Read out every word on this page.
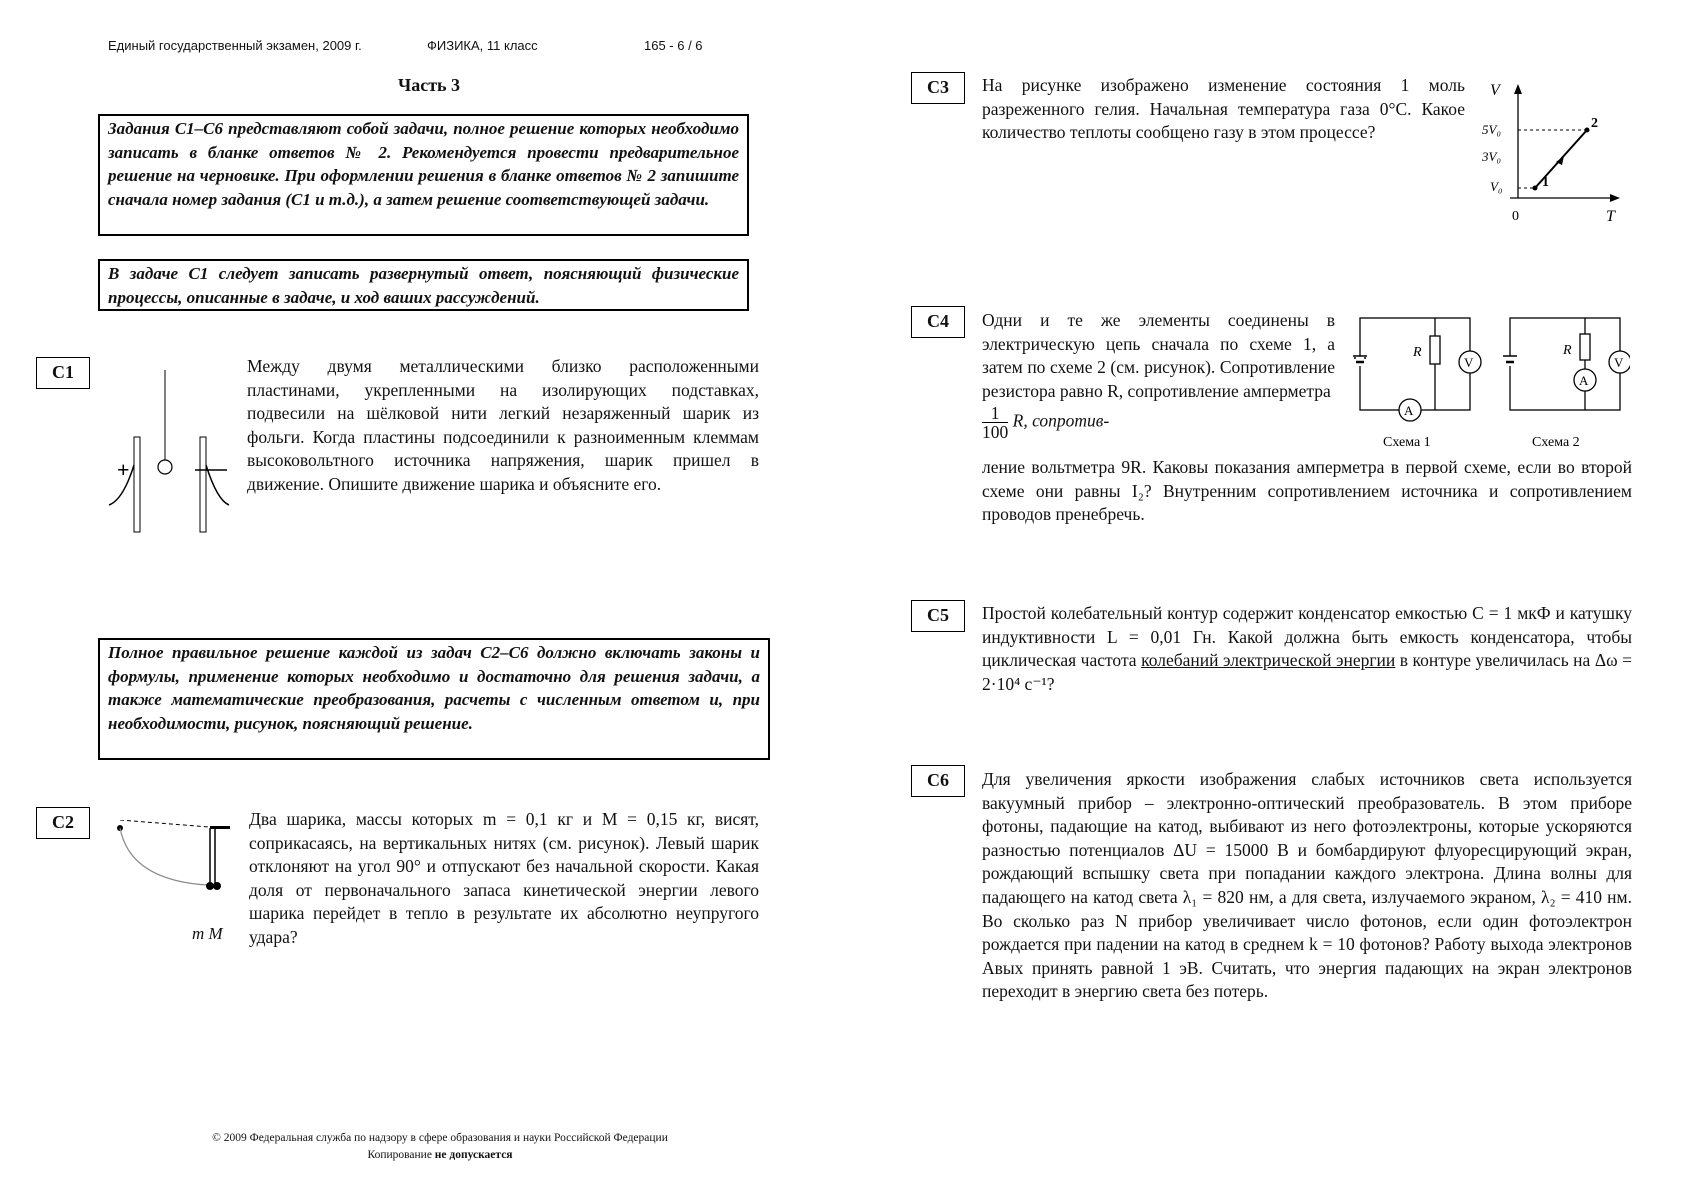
Единый государственный экзамен, 2009 г.	ФИЗИКА, 11 класс	165 - 6 / 6
Часть 3
Задания С1–С6 представляют собой задачи, полное решение которых необходимо записать в бланке ответов № 2. Рекомендуется провести предварительное решение на черновике. При оформлении решения в бланке ответов № 2 запишите сначала номер задания (С1 и т.д.), а затем решение соответствующей задачи.
В задаче С1 следует записать развернутый ответ, поясняющий физические процессы, описанные в задаче, и ход ваших рассуждений.
Полное правильное решение каждой из задач С2–С6 должно включать законы и формулы, применение которых необходимо и достаточно для решения задачи, а также математические преобразования, расчеты с численным ответом и, при необходимости, рисунок, поясняющий решение.
С1
+
Между двумя металлическими близко расположенными пластинами, укрепленными на изолирующих подставках, подвесили на шёлковой нити легкий незаряженный шарик из фольги. Когда пластины подсоединили к разноименным клеммам высоковольтного источника напряжения, шарик пришел в движение. Опишите движение шарика и объясните его.
С2
m M
Два шарика, массы которых m = 0,1 кг и M = 0,15 кг, висят, соприкасаясь, на вертикальных нитях (см. рисунок). Левый шарик отклоняют на угол 90° и отпускают без начальной скорости. Какая доля от первоначального запаса кинетической энергии левого шарика перейдет в тепло в результате их абсолютно неупругого удара?
С3	На рисунке изображено изменение состояния 1 моль разреженного гелия. Начальная температура газа 0°С. Какое количество теплоты сообщено газу в этом процессе?
V
T
0
5V₀
3V₀
V₀	1
2
С4	Одни и те же элементы соединены в электрическую цепь сначала по схеме 1, а затем по схеме 2 (см. рисунок). Сопротивление резистора равно R, сопротивление амперметра
$\frac{1}{100} R$, сопротив-
ление вольтметра 9R. Каковы показания амперметра в первой схеме, если во второй схеме они равны I₂? Внутренним сопротивлением источника и сопротивлением проводов пренебречь.
R
V
A
R
A
V
Схема 1	Схема 2
С5	Простой колебательный контур содержит конденсатор емкостью C = 1 мкФ и катушку индуктивности L = 0,01 Гн. Какой должна быть емкость конденсатора, чтобы циклическая частота колебаний электрической энергии в контуре увеличилась на Δω = 2·10⁴ с⁻¹?
С6	Для увеличения яркости изображения слабых источников света используется вакуумный прибор – электронно-оптический преобразователь. В этом приборе фотоны, падающие на катод, выбивают из него фотоэлектроны, которые ускоряются разностью потенциалов ΔU = 15000 В и бомбардируют флуоресцирующий экран, рождающий вспышку света при попадании каждого электрона. Длина волны для падающего на катод света λ₁ = 820 нм, а для света, излучаемого экраном, λ₂ = 410 нм. Во сколько раз N прибор увеличивает число фотонов, если один фотоэлектрон рождается при падении на катод в среднем k = 10 фотонов? Работу выхода электронов Aвых принять равной 1 эВ. Считать, что энергия падающих на экран электронов переходит в энергию света без потерь.
© 2009 Федеральная служба по надзору в сфере образования и науки Российской Федерации
Копирование не допускается
